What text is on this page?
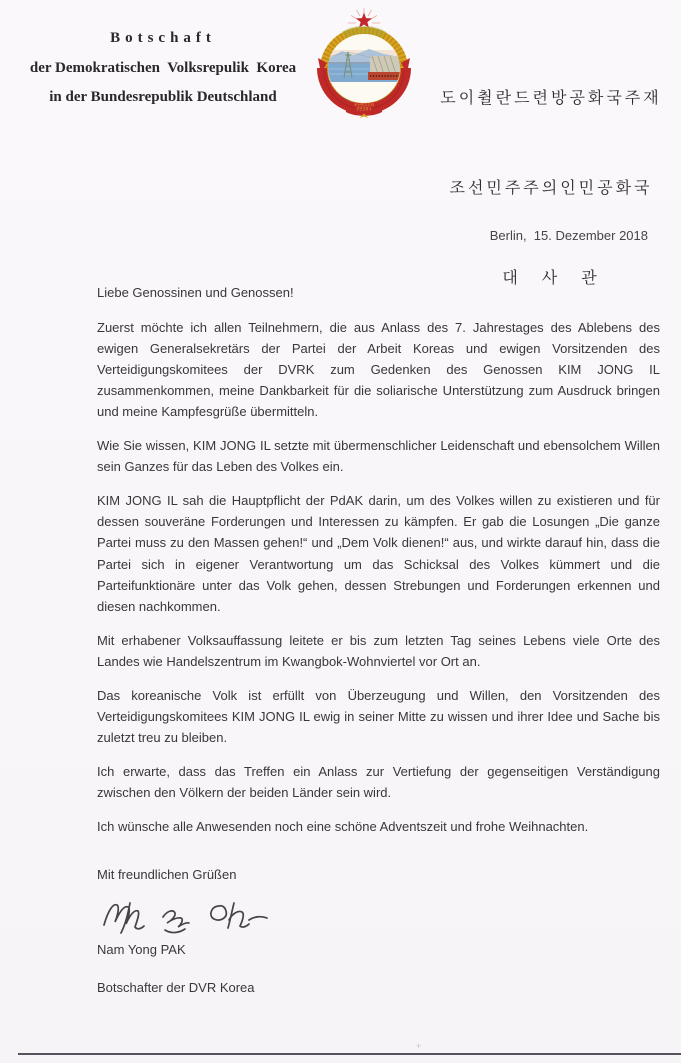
Botschaft

der Demokratischen  Volksrepulik  Korea

in der Bundesrepublik Deutschland	조선민주주의
인민공화국

도이췰란드련방공화국주재

조선민주주의인민공화국

대   사   관

Berlin,  15. Dezember 2018

Liebe Genossinen und Genossen!

Zuerst möchte ich allen Teilnehmern, die aus Anlass des 7. Jahrestages des Ablebens des ewigen Generalsekretärs der Partei der Arbeit Koreas und ewigen Vorsitzenden des Verteidigungskomitees der DVRK zum Gedenken des Genossen KIM JONG IL zusammenkommen, meine Dankbarkeit für die soliarische Unterstützung zum Ausdruck bringen und meine Kampfesgrüße übermitteln.

Wie Sie wissen, KIM JONG IL setzte mit übermenschlicher Leidenschaft und ebensolchem Willen sein Ganzes für das Leben des Volkes ein.

KIM JONG IL sah die Hauptpflicht der PdAK darin, um des Volkes willen zu existieren und für dessen souveräne Forderungen und Interessen zu kämpfen. Er gab die Losungen „Die ganze Partei muss zu den Massen gehen!“ und „Dem Volk dienen!“ aus, und wirkte darauf hin, dass die Partei sich in eigener Verantwortung um das Schicksal des Volkes kümmert und die Parteifunktionäre unter das Volk gehen, dessen Strebungen und Forderungen erkennen und diesen nachkommen.

Mit erhabener Volksauffassung leitete er bis zum letzten Tag seines Lebens viele Orte des Landes wie Handelszentrum im Kwangbok-Wohnviertel vor Ort an.

Das koreanische Volk ist erfüllt von Überzeugung und Willen, den Vorsitzenden des Verteidigungskomitees KIM JONG IL ewig in seiner Mitte zu wissen und ihrer Idee und Sache bis zuletzt treu zu bleiben.

Ich erwarte, dass das Treffen ein Anlass zur Vertiefung der gegenseitigen Verständigung zwischen den Völkern der beiden Länder sein wird.

Ich wünsche alle Anwesenden noch eine schöne Adventszeit und frohe Weihnachten.

Mit freundlichen Grüßen

Nam Yong PAK

Botschafter der DVR Korea

+
